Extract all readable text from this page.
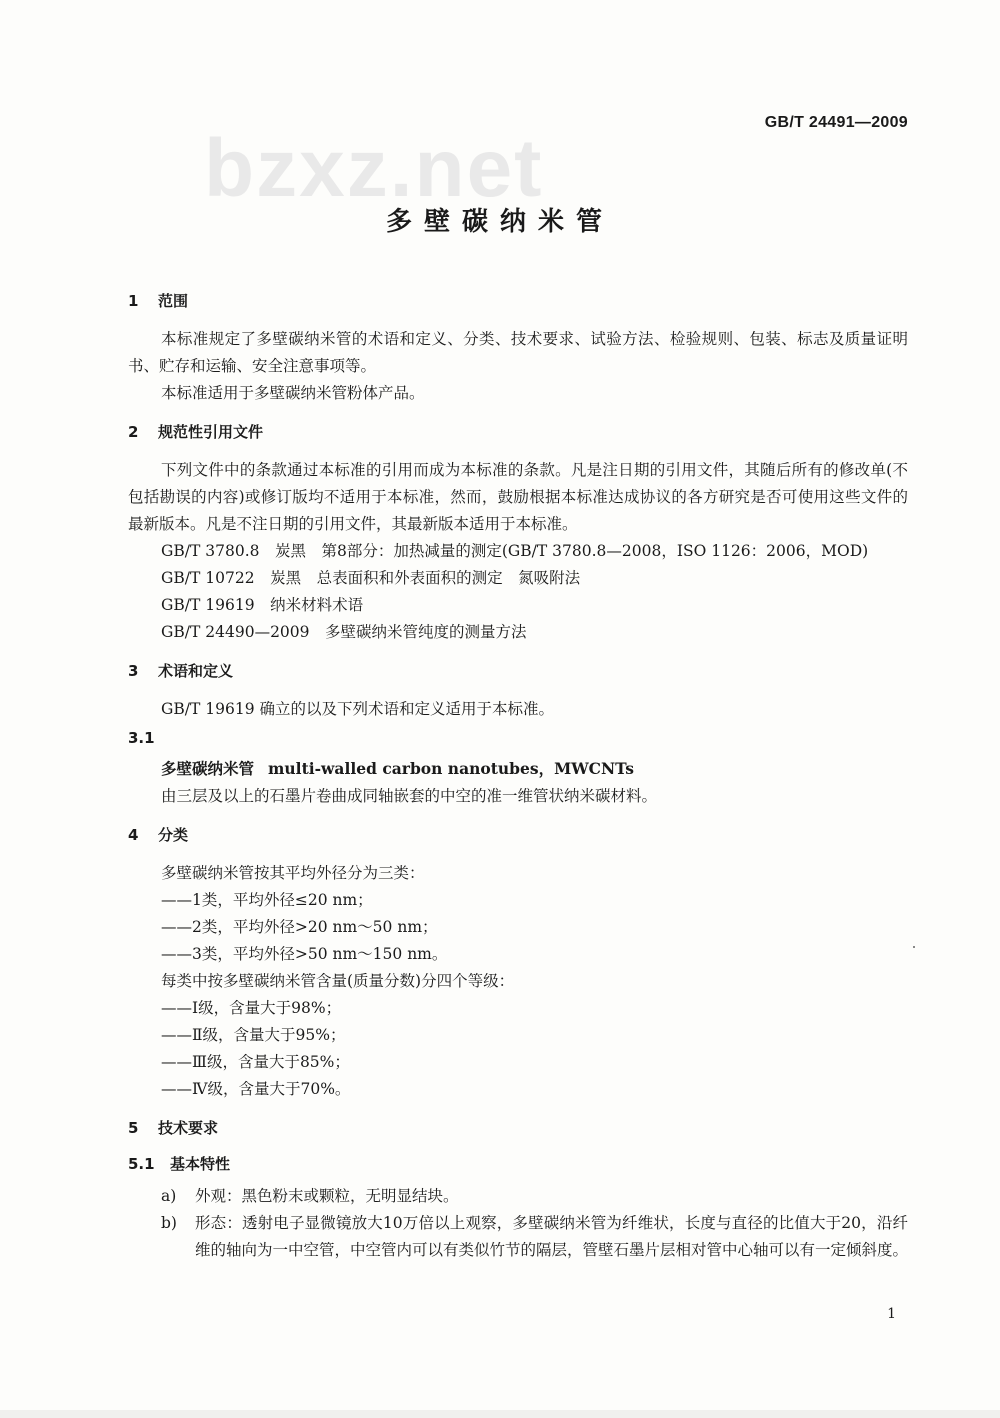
bzxz.net
GB/T 24491—2009
多壁碳纳米管
1 范围

本标准规定了多壁碳纳米管的术语和定义、分类、技术要求、试验方法、检验规则、包装、标志及质量证明书、贮存和运输、安全注意事项等。

本标准适用于多壁碳纳米管粉体产品。

2 规范性引用文件

下列文件中的条款通过本标准的引用而成为本标准的条款。凡是注日期的引用文件，其随后所有的修改单(不包括勘误的内容)或修订版均不适用于本标准，然而，鼓励根据本标准达成协议的各方研究是否可使用这些文件的最新版本。凡是不注日期的引用文件，其最新版本适用于本标准。

GB/T 3780.8　炭黑　第8部分：加热减量的测定(GB/T 3780.8—2008，ISO 1126：2006，MOD)
GB/T 10722　炭黑　总表面积和外表面积的测定　氮吸附法
GB/T 19619　纳米材料术语
GB/T 24490—2009　多壁碳纳米管纯度的测量方法
3 术语和定义

GB/T 19619 确立的以及下列术语和定义适用于本标准。

3.1
多壁碳纳米管 multi-walled carbon nanotubes，MWCNTs

由三层及以上的石墨片卷曲成同轴嵌套的中空的准一维管状纳米碳材料。

4 分类

多壁碳纳米管按其平均外径分为三类：

——1类，平均外径≤20 nm；

——2类，平均外径>20 nm～50 nm；

——3类，平均外径>50 nm～150 nm。

每类中按多壁碳纳米管含量(质量分数)分四个等级：

——Ⅰ级，含量大于98%；

——Ⅱ级，含量大于95%；

——Ⅲ级，含量大于85%；

——Ⅳ级，含量大于70%。

5 技术要求
5.1 基本特性
a)	外观：黑色粉末或颗粒，无明显结块。
b)	形态：透射电子显微镜放大10万倍以上观察，多壁碳纳米管为纤维状，长度与直径的比值大于20，沿纤维的轴向为一中空管，中空管内可以有类似竹节的隔层，管壁石墨片层相对管中心轴可以有一定倾斜度。
1
